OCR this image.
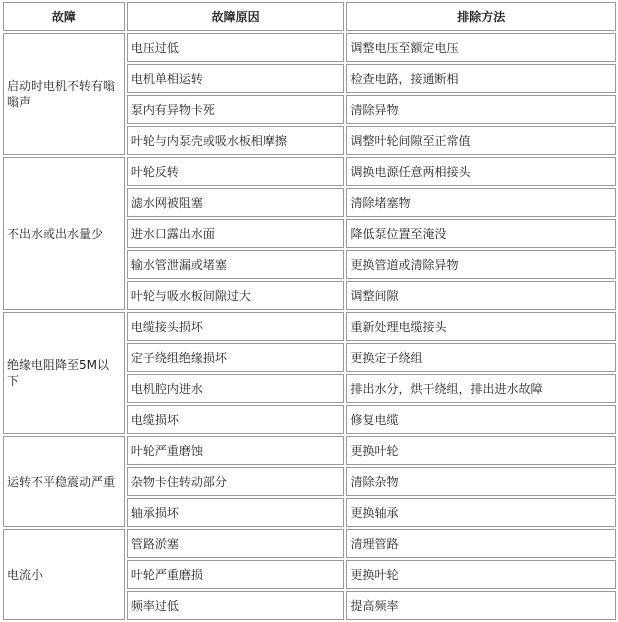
故障	故障原因	排除方法
启动时电机不转有嗡嗡声	电压过低	调整电压至额定电压
	电机单相运转	检查电路，接通断相
	泵内有异物卡死	清除异物
	叶轮与内泵壳或吸水板相摩擦	调整叶轮间隙至正常值
不出水或出水量少	叶轮反转	调换电源任意两相接头
	滤水网被阻塞	清除堵塞物
	进水口露出水面	降低泵位置至淹没
	输水管泄漏或堵塞	更换管道或清除异物
	叶轮与吸水板间隙过大	调整间隙
绝缘电阻降至5M以下	电缆接头损坏	重新处理电缆接头
	定子绕组绝缘损坏	更换定子绕组
	电机腔内进水	排出水分，烘干绕组，排出进水故障
	电缆损坏	修复电缆
运转不平稳震动严重	叶轮严重磨蚀	更换叶轮
	杂物卡住转动部分	清除杂物
	轴承损坏	更换轴承
电流小	管路淤塞	清理管路
	叶轮严重磨损	更换叶轮
	频率过低	提高频率
